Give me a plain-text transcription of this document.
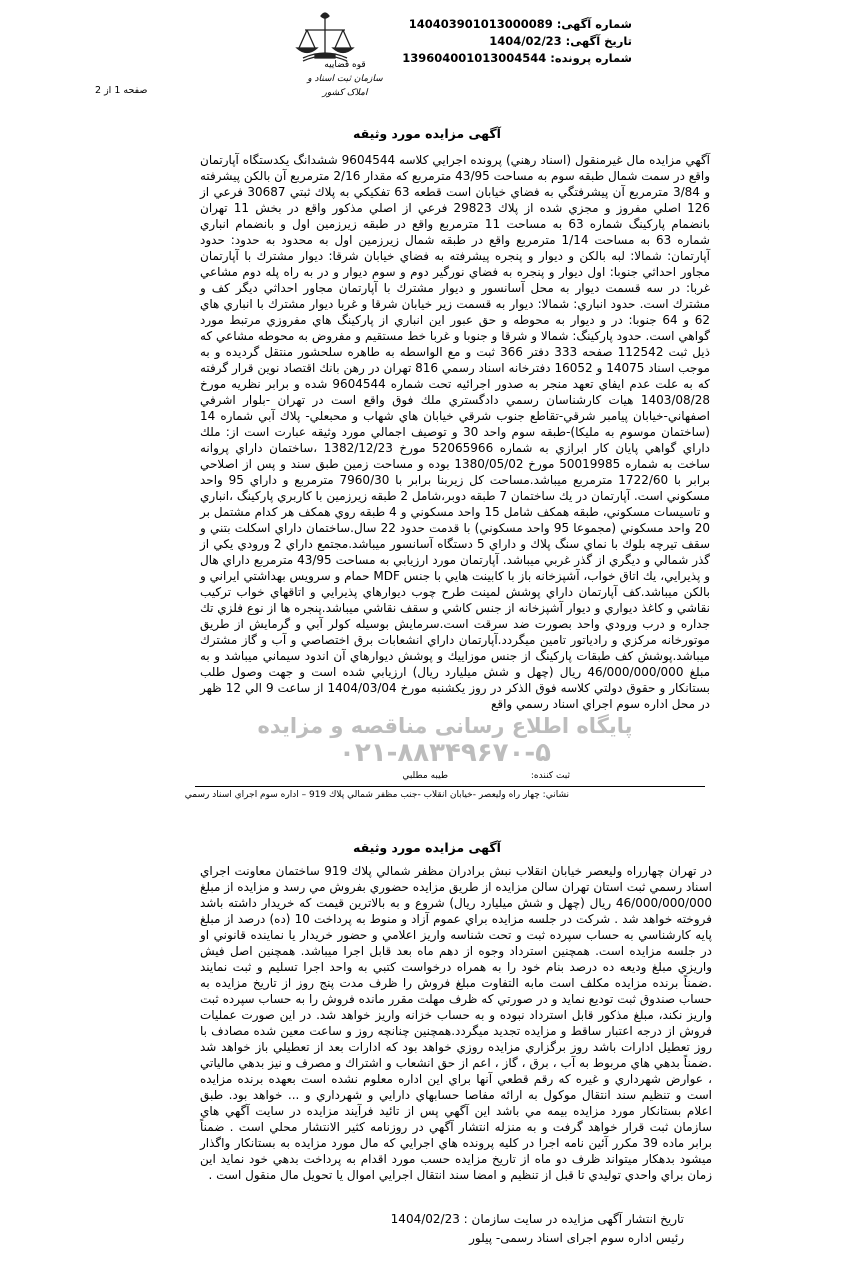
شماره آگهی: 140403901013000089
تاریخ آگهی: 1404/02/23
شماره پرونده: 139604001013004544
قوه قضاییه
سازمان ثبت اسناد و املاک کشور
صفحه 1 از 2
آگهی مزایده مورد وثیقه
آگهي مزايده مال غيرمنقول (اسناد رهني) پرونده اجرايي كلاسه 9604544 ششدانگ يكدستگاه آپارتمان واقع در سمت شمال طبقه سوم به مساحت 43/95 مترمربع كه مقدار 2/16 مترمربع آن بالكن پيشرفته و 3/84 مترمربع آن پيشرفتگي به فضاي خيابان است قطعه 63 تفكيكي به پلاك ثبتي 30687 فرعي از 126 اصلي مفروز و مجزي شده از پلاك 29823 فرعي از اصلي مذكور واقع در بخش 11 تهران بانضمام پاركينگ شماره 63 به مساحت 11 مترمربع واقع در طبقه زيرزمين اول و بانضمام انباري شماره 63 به مساحت 1/14 مترمربع واقع در طبقه شمال زيرزمين اول به محدود به حدود: حدود آپارتمان: شمالا: لبه بالكن و ديوار و پنجره پيشرفته به فضاي خيابان شرقا: ديوار مشترك با آپارتمان مجاور احداثي جنوبا: اول ديوار و پنجره به فضاي نورگير دوم و سوم ديوار و در به راه پله دوم مشاعي غربا: در سه قسمت ديوار به محل آسانسور و ديوار مشترك با آپارتمان مجاور احداثي ديگر كف و مشترك است. حدود انباري: شمالا: ديوار به قسمت زير خيابان شرقا و غربا ديوار مشترك با انباري هاي 62 و 64 جنوبا: در و ديوار به محوطه و حق عبور اين انباري از پاركينگ هاي مفروزي مرتبط مورد گواهي است. حدود پاركينگ: شمالا و شرقا و جنوبا و غربا خط مستقيم و مفروض به محوطه مشاعي كه ذيل ثبت 112542 صفحه 333 دفتر 366 ثبت و مع الواسطه به طاهره سلحشور منتقل گرديده و به موجب اسناد 14075 و 16052 دفترخانه اسناد رسمي 816 تهران در رهن بانك اقتصاد نوين قرار گرفته كه به علت عدم ايفاي تعهد منجر به صدور اجرائيه تحت شماره 9604544 شده و برابر نظريه مورخ 1403/08/28 هيات كارشناسان رسمي دادگستري ملك فوق واقع است در تهران -بلوار اشرفي اصفهاني-خيابان پيامبر شرقي-تقاطع جنوب شرقي خيابان هاي شهاب و محبعلي- پلاك آبي شماره 14 (ساختمان موسوم به مليكا)-طبقه سوم واحد 30 و توصيف اجمالي مورد وثيقه عبارت است از: ملك داراي گواهي پايان كار ابرازي به شماره 52065966 مورخ 1382/12/23 ،ساختمان داراي پروانه ساخت به شماره 50019985 مورخ 1380/05/02 بوده و مساحت زمين طبق سند و پس از اصلاحي برابر با 1722/60 مترمربع ميباشد.مساحت كل زيربنا برابر با 7960/30 مترمربع و داراي 95 واحد مسكوني است. آپارتمان در يك ساختمان 7 طبقه دوبر،شامل 2 طبقه زيرزمين با كاربري پاركينگ ،انباري و تاسيسات مسكوني، طبقه همكف شامل 15 واحد مسكوني و 4 طبقه روي همكف هر كدام مشتمل بر 20 واحد مسكوني (مجموعا 95 واحد مسكوني) با قدمت حدود 22 سال.ساختمان داراي اسكلت بتني و سقف تيرچه بلوك با نماي سنگ پلاك و داراي 5 دستگاه آسانسور ميباشد.مجتمع داراي 2 ورودي يكي از گذر شمالي و ديگري از گذر غربي ميباشد. آپارتمان مورد ارزيابي به مساحت 43/95 مترمربع داراي هال و پذيرايي، يك اتاق خواب، آشپزخانه باز با كابينت هايي با جنس MDF حمام و سرويس بهداشتي ايراني و بالكن ميباشد.كف آپارتمان داراي پوشش لمينت طرح چوب ديوارهاي پذيرايي و اتاقهاي خواب تركيب نقاشي و كاغذ ديواري و ديوار آشپزخانه از جنس كاشي و سقف نقاشي ميباشد.پنجره ها از نوع فلزي تك جداره و درب ورودي واحد بصورت ضد سرقت است.سرمايش بوسيله كولر آبي و گرمايش از طريق موتورخانه مركزي و رادياتور تامين ميگردد.آپارتمان داراي انشعابات برق اختصاصي و آب و گاز مشترك ميباشد.پوشش كف طبقات پاركينگ از جنس موزاييك و پوشش ديوارهاي آن اندود سيماني ميباشد و به مبلغ 46/000/000/000 ريال (چهل و شش ميليارد ريال) ارزيابي شده است و جهت وصول طلب بستانكار و حقوق دولتي كلاسه فوق الذكر در روز يكشنبه مورخ 1404/03/04 از ساعت 9 الي 12 ظهر در محل اداره سوم اجراي اسناد رسمي واقع
پایگاه اطلاع رسانی مناقصه و مزایده
۰۲۱-۸۸۳۴۹۶۷۰-۵
ثبت كننده:
طيبه مطلبي
نشاني: چهار راه وليعصر -خيابان انقلاب -جنب مظفر شمالي پلاك 919 – اداره سوم اجراي اسناد رسمي
آگهی مزایده مورد وثیقه
در تهران چهارراه وليعصر خيابان انقلاب نبش برادران مظفر شمالي پلاك 919 ساختمان معاونت اجراي اسناد رسمي ثبت استان تهران سالن مزايده از طريق مزايده حضوري بفروش مي رسد و مزايده از مبلغ 46/000/000/000 ريال (چهل و شش ميليارد ريال) شروع و به بالاترين قيمت كه خريدار داشته باشد فروخته خواهد شد . شركت در جلسه مزايده براي عموم آزاد و منوط به پرداخت 10 (ده) درصد از مبلغ پايه كارشناسي به حساب سپرده ثبت و تحت شناسه واريز اعلامي و حضور خريدار يا نماينده قانوني او در جلسه مزايده است. همچنين استرداد وجوه از دهم ماه بعد قابل اجرا ميباشد. همچنين اصل فيش واريزي مبلغ وديعه ده درصد بنام خود را به همراه درخواست كتبي به واحد اجرا تسليم و ثبت نمايند .ضمناً برنده مزايده مكلف است مابه التفاوت مبلغ فروش را ظرف مدت پنج روز از تاريخ مزايده به حساب صندوق ثبت توديع نمايد و در صورتي كه ظرف مهلت مقرر مانده فروش را به حساب سپرده ثبت واريز نكند، مبلغ مذكور قابل استرداد نبوده و به حساب خزانه واريز خواهد شد. در اين صورت عمليات فروش از درجه اعتبار ساقط و مزايده تجديد ميگردد.همچنين چنانچه روز و ساعت معين شده مصادف با روز تعطيل ادارات باشد روز برگزاري مزايده روزي خواهد بود كه ادارات بعد از تعطيلي باز خواهد شد .ضمناً بدهي هاي مربوط به آب ، برق ، گاز ، اعم از حق انشعاب و اشتراك و مصرف و نيز بدهي مالياتي ، عوارض شهرداري و غيره كه رقم قطعي آنها براي اين اداره معلوم نشده است بعهده برنده مزايده است و تنظيم سند انتقال موكول به ارائه مفاصا حسابهاي دارايي و شهرداري و ... خواهد بود. طبق اعلام بستانكار مورد مزايده بيمه مي باشد اين آگهي پس از تائيد فرآيند مزايده در سايت آگهي هاي سازمان ثبت قرار خواهد گرفت و به منزله انتشار آگهي در روزنامه كثير الانتشار محلي است . ضمناً برابر ماده 39 مكرر آئين نامه اجرا در كليه پرونده هاي اجرايي كه مال مورد مزايده به بستانكار واگذار ميشود بدهكار ميتواند ظرف دو ماه از تاريخ مزايده حسب مورد اقدام به پرداخت بدهي خود نمايد اين زمان براي واحدي توليدي تا قبل از تنظيم و امضا سند انتقال اجرايي اموال يا تحويل مال منقول است .
تاريخ انتشار آگهی مزایده در سایت سازمان : 1404/02/23
رئیس اداره سوم اجرای اسناد رسمی- پیلور
